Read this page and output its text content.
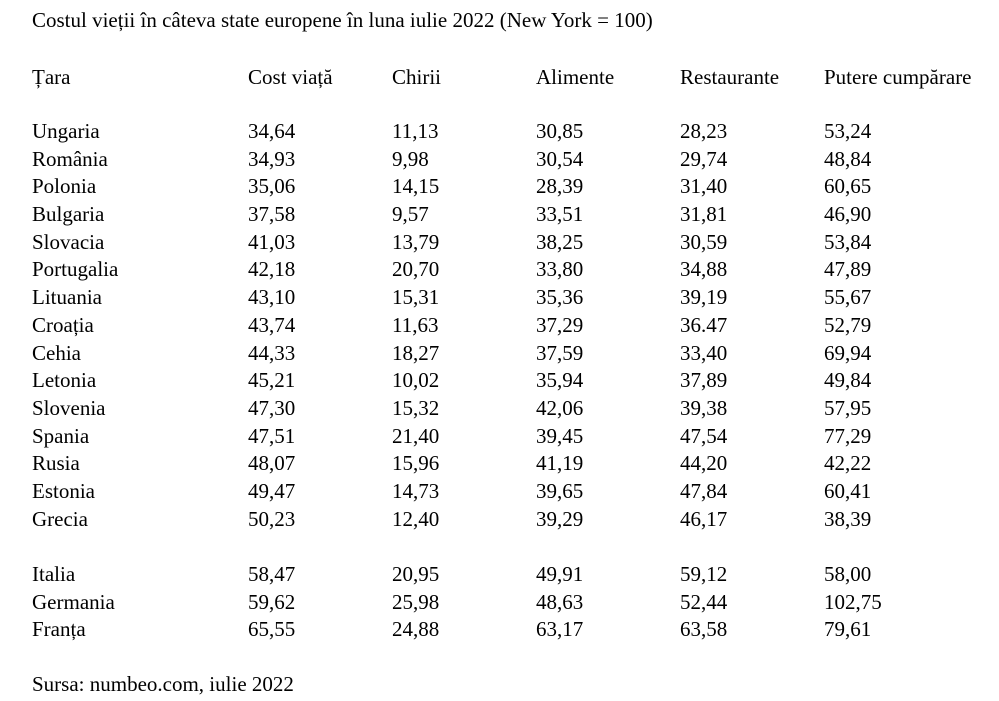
Costul vieții în câteva state europene în luna iulie 2022 (New York = 100)
Țara	Cost viață	Chirii	Alimente	Restaurante	Putere cumpărare
Ungaria	34,64	11,13	30,85	28,23	53,24
România	34,93	9,98	30,54	29,74	48,84
Polonia	35,06	14,15	28,39	31,40	60,65
Bulgaria	37,58	9,57	33,51	31,81	46,90
Slovacia	41,03	13,79	38,25	30,59	53,84
Portugalia	42,18	20,70	33,80	34,88	47,89
Lituania	43,10	15,31	35,36	39,19	55,67
Croația	43,74	11,63	37,29	36.47	52,79
Cehia	44,33	18,27	37,59	33,40	69,94
Letonia	45,21	10,02	35,94	37,89	49,84
Slovenia	47,30	15,32	42,06	39,38	57,95
Spania	47,51	21,40	39,45	47,54	77,29
Rusia	48,07	15,96	41,19	44,20	42,22
Estonia	49,47	14,73	39,65	47,84	60,41
Grecia	50,23	12,40	39,29	46,17	38,39
Italia	58,47	20,95	49,91	59,12	58,00
Germania	59,62	25,98	48,63	52,44	102,75
Franța	65,55	24,88	63,17	63,58	79,61
Sursa: numbeo.com, iulie 2022
